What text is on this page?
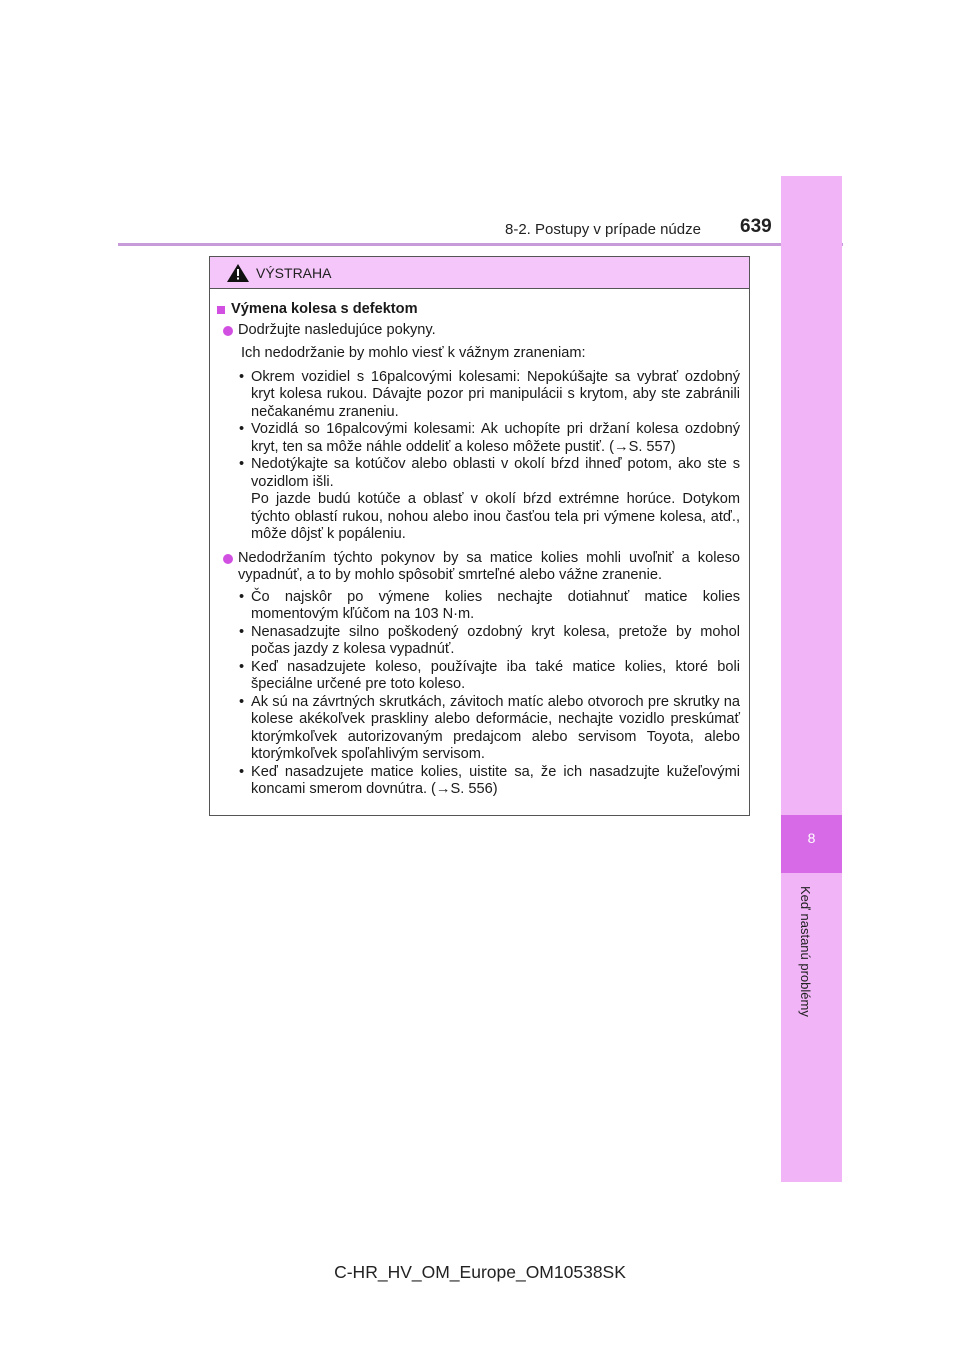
8-2. Postupy v prípade núdze 639
8
Keď nastanú problémy
VÝSTRAHA
Výmena kolesa s defektom
Dodržujte nasledujúce pokyny.
Ich nedodržanie by mohlo viesť k vážnym zraneniam:
• Okrem vozidiel s 16palcovými kolesami: Nepokúšajte sa vybrať ozdobný kryt kolesa rukou. Dávajte pozor pri manipulácii s krytom, aby ste zabránili nečakanému zraneniu.
• Vozidlá so 16palcovými kolesami: Ak uchopíte pri držaní kolesa ozdobný kryt, ten sa môže náhle oddeliť a koleso môžete pustiť. (→S. 557)
• Nedotýkajte sa kotúčov alebo oblasti v okolí bŕzd ihneď potom, ako ste s vozidlom išli.
Po jazde budú kotúče a oblasť v okolí bŕzd extrémne horúce. Dotykom týchto oblastí rukou, nohou alebo inou časťou tela pri výmene kolesa, atď., môže dôjsť k popáleniu.
Nedodržaním týchto pokynov by sa matice kolies mohli uvoľniť a koleso vypadnúť, a to by mohlo spôsobiť smrteľné alebo vážne zranenie.
• Čo najskôr po výmene kolies nechajte dotiahnuť matice kolies momentovým kľúčom na 103 N·m.
• Nenasadzujte silno poškodený ozdobný kryt kolesa, pretože by mohol počas jazdy z kolesa vypadnúť.
• Keď nasadzujete koleso, používajte iba také matice kolies, ktoré boli špeciálne určené pre toto koleso.
• Ak sú na závrtných skrutkách, závitoch matíc alebo otvoroch pre skrutky na kolese akékoľvek praskliny alebo deformácie, nechajte vozidlo preskúmať ktorýmkoľvek autorizovaným predajcom alebo servisom Toyota, alebo ktorýmkoľvek spoľahlivým servisom.
• Keď nasadzujete matice kolies, uistite sa, že ich nasadzujte kužeľovými koncami smerom dovnútra. (→S. 556)
C-HR_HV_OM_Europe_OM10538SK
